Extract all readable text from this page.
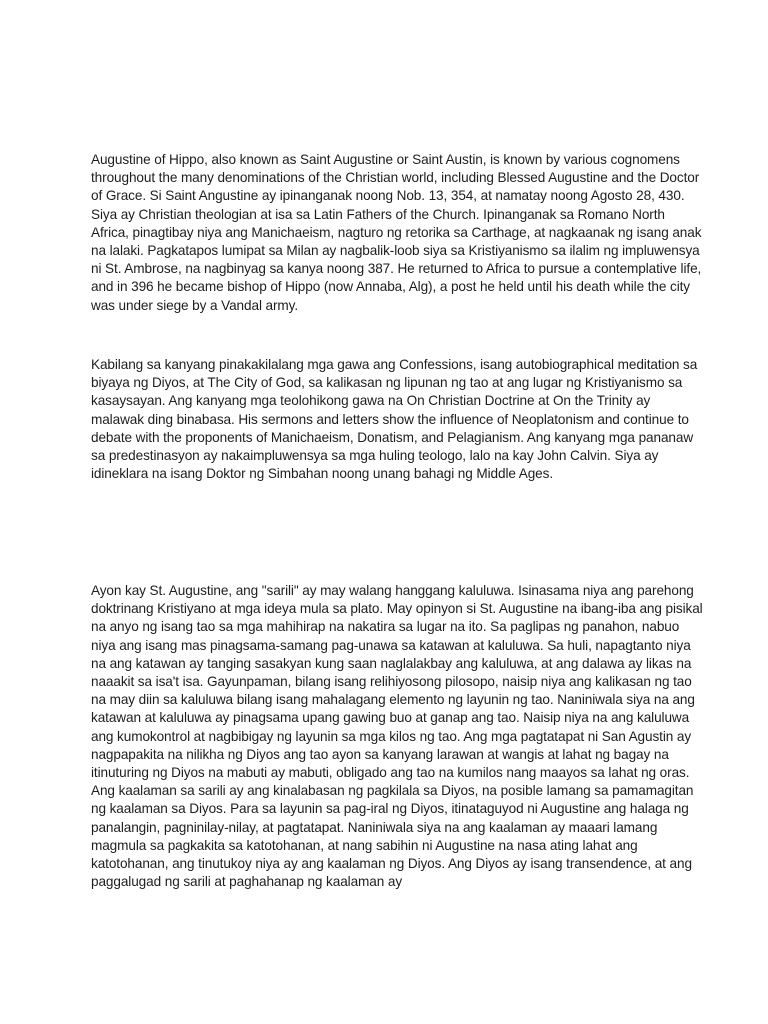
Augustine of Hippo, also known as Saint Augustine or Saint Austin, is known by various cognomens throughout the many denominations of the Christian world, including Blessed Augustine and the Doctor of Grace. Si Saint Angustine ay ipinanganak noong Nob. 13, 354, at namatay noong Agosto 28, 430. Siya ay Christian theologian at isa sa Latin Fathers of the Church. Ipinanganak sa Romano North Africa, pinagtibay niya ang Manichaeism, nagturo ng retorika sa Carthage, at nagkaanak ng isang anak na lalaki. Pagkatapos lumipat sa Milan ay nagbalik-loob siya sa Kristiyanismo sa ilalim ng impluwensya ni St. Ambrose, na nagbinyag sa kanya noong 387. He returned to Africa to pursue a contemplative life, and in 396 he became bishop of Hippo (now Annaba, Alg), a post he held until his death while the city was under siege by a Vandal army.

Kabilang sa kanyang pinakakilalang mga gawa ang Confessions, isang autobiographical meditation sa biyaya ng Diyos, at The City of God, sa kalikasan ng lipunan ng tao at ang lugar ng Kristiyanismo sa kasaysayan. Ang kanyang mga teolohikong gawa na On Christian Doctrine at On the Trinity ay malawak ding binabasa. His sermons and letters show the influence of Neoplatonism and continue to debate with the proponents of Manichaeism, Donatism, and Pelagianism. Ang kanyang mga pananaw sa predestinasyon ay nakaimpluwensya sa mga huling teologo, lalo na kay John Calvin. Siya ay idineklara na isang Doktor ng Simbahan noong unang bahagi ng Middle Ages.

Ayon kay St. Augustine, ang "sarili" ay may walang hanggang kaluluwa. Isinasama niya ang parehong doktrinang Kristiyano at mga ideya mula sa plato. May opinyon si St. Augustine na ibang-iba ang pisikal na anyo ng isang tao sa mga mahihirap na nakatira sa lugar na ito. Sa paglipas ng panahon, nabuo niya ang isang mas pinagsama-samang pag-unawa sa katawan at kaluluwa. Sa huli, napagtanto niya na ang katawan ay tanging sasakyan kung saan naglalakbay ang kaluluwa, at ang dalawa ay likas na naaakit sa isa't isa. Gayunpaman, bilang isang relihiyosong pilosopo, naisip niya ang kalikasan ng tao na may diin sa kaluluwa bilang isang mahalagang elemento ng layunin ng tao. Naniniwala siya na ang katawan at kaluluwa ay pinagsama upang gawing buo at ganap ang tao. Naisip niya na ang kaluluwa ang kumokontrol at nagbibigay ng layunin sa mga kilos ng tao. Ang mga pagtatapat ni San Agustin ay nagpapakita na nilikha ng Diyos ang tao ayon sa kanyang larawan at wangis at lahat ng bagay na itinuturing ng Diyos na mabuti ay mabuti, obligado ang tao na kumilos nang maayos sa lahat ng oras. Ang kaalaman sa sarili ay ang kinalabasan ng pagkilala sa Diyos, na posible lamang sa pamamagitan ng kaalaman sa Diyos. Para sa layunin sa pag-iral ng Diyos, itinataguyod ni Augustine ang halaga ng panalangin, pagninilay-nilay, at pagtatapat. Naniniwala siya na ang kaalaman ay maaari lamang magmula sa pagkakita sa katotohanan, at nang sabihin ni Augustine na nasa ating lahat ang katotohanan, ang tinutukoy niya ay ang kaalaman ng Diyos. Ang Diyos ay isang transendence, at ang paggalugad ng sarili at paghahanap ng kaalaman ay
